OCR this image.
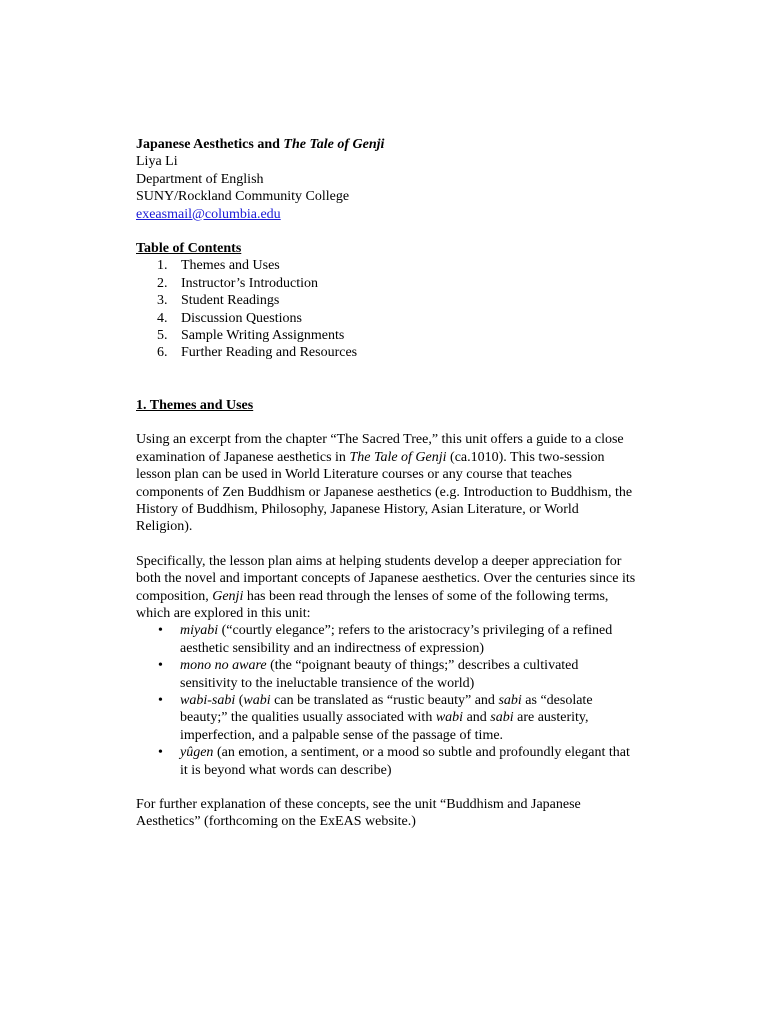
Japanese Aesthetics and The Tale of Genji
Liya Li
Department of English
SUNY/Rockland Community College
exeasmail@columbia.edu
Table of Contents
1. Themes and Uses
2. Instructor’s Introduction
3. Student Readings
4. Discussion Questions
5. Sample Writing Assignments
6. Further Reading and Resources
1. Themes and Uses

Using an excerpt from the chapter “The Sacred Tree,” this unit offers a guide to a close examination of Japanese aesthetics in The Tale of Genji (ca.1010). This two-session lesson plan can be used in World Literature courses or any course that teaches components of Zen Buddhism or Japanese aesthetics (e.g. Introduction to Buddhism, the History of Buddhism, Philosophy, Japanese History, Asian Literature, or World Religion).

Specifically, the lesson plan aims at helping students develop a deeper appreciation for both the novel and important concepts of Japanese aesthetics. Over the centuries since its composition, Genji has been read through the lenses of some of the following terms, which are explored in this unit:

• miyabi (“courtly elegance”; refers to the aristocracy’s privileging of a refined aesthetic sensibility and an indirectness of expression)
• mono no aware (the “poignant beauty of things;” describes a cultivated sensitivity to the ineluctable transience of the world)
• wabi-sabi (wabi can be translated as “rustic beauty” and sabi as “desolate beauty;” the qualities usually associated with wabi and sabi are austerity, imperfection, and a palpable sense of the passage of time.
• yûgen (an emotion, a sentiment, or a mood so subtle and profoundly elegant that it is beyond what words can describe)

For further explanation of these concepts, see the unit “Buddhism and Japanese Aesthetics” (forthcoming on the ExEAS website.)
